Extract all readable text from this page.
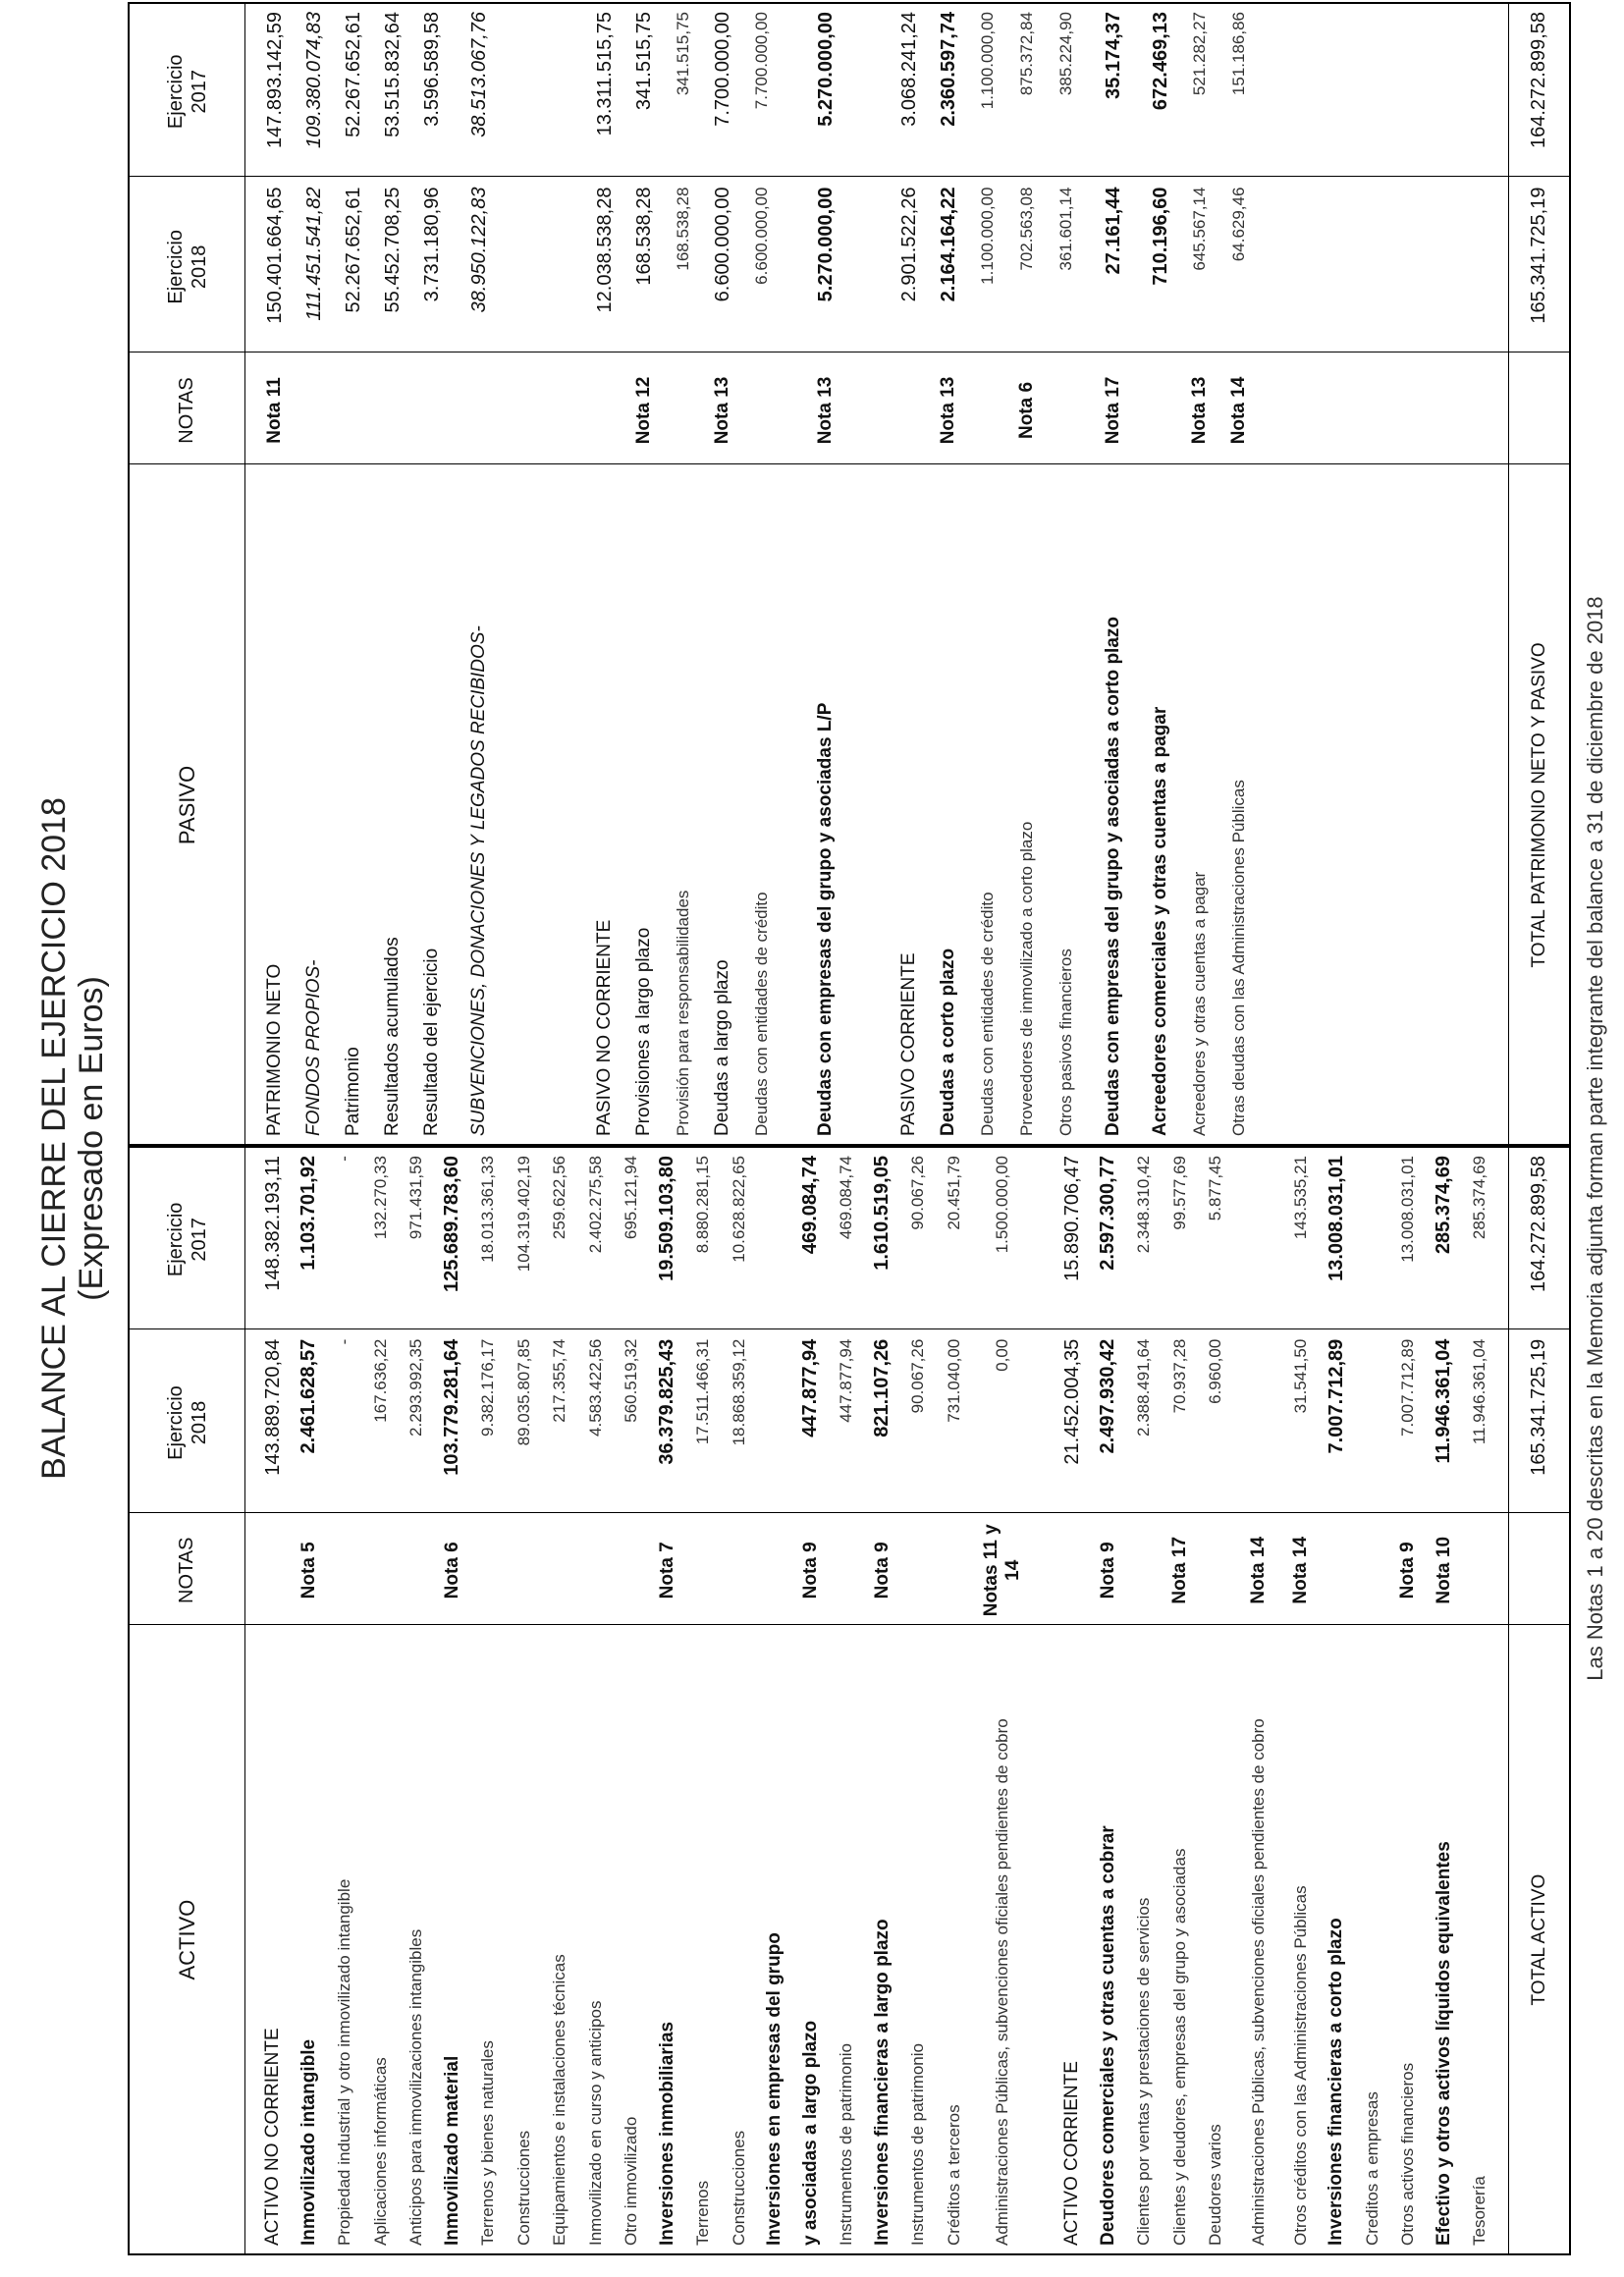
BALANCE AL CIERRE DEL EJERCICIO 2018 (Expresado en Euros)
ACTIVO
NOTAS
Ejercicio 2018
Ejercicio 2017
ACTIVO NO CORRIENTE
143.889.720,84
148.382.193,11
Inmovilizado intangible
Nota 5
2.461.628,57
1.103.701,92
Propiedad industrial y otro inmovilizado intangible
-
-
Aplicaciones informáticas
167.636,22
132.270,33
Anticipos para inmovilizaciones intangibles
2.293.992,35
971.431,59
Inmovilizado material
Nota 6
103.779.281,64
125.689.783,60
Terrenos y bienes naturales
9.382.176,17
18.013.361,33
Construcciones
89.035.807,85
104.319.402,19
Equipamientos e instalaciones técnicas
217.355,74
259.622,56
Inmovilizado en curso y anticipos
4.583.422,56
2.402.275,58
Otro inmovilizado
560.519,32
695.121,94
Inversiones inmobiliarias
Nota 7
36.379.825,43
19.509.103,80
Terrenos
17.511.466,31
8.880.281,15
Construcciones
18.868.359,12
10.628.822,65
Inversiones en empresas del grupo y asociadas a largo plazo
Nota 9
447.877,94
469.084,74
Instrumentos de patrimonio
447.877,94
469.084,74
Inversiones financieras a largo plazo
Nota 9
821.107,26
1.610.519,05
Instrumentos de patrimonio
90.067,26
90.067,26
Créditos a terceros
731.040,00
20.451,79
Administraciones Públicas, subvenciones oficiales pendientes de cobro
Notas 11 y 14
0,00
1.500.000,00
ACTIVO CORRIENTE
21.452.004,35
15.890.706,47
Deudores comerciales y otras cuentas a cobrar
Nota 9
2.497.930,42
2.597.300,77
Clientes por ventas y prestaciones de servicios
2.388.491,64
2.348.310,42
Clientes y deudores, empresas del grupo y asociadas
Nota 17
70.937,28
99.577,69
Deudores varios
6.960,00
5.877,45
Administraciones Públicas, subvenciones oficiales pendientes de cobro
Nota 14
Otros créditos con las Administraciones Públicas
Nota 14
31.541,50
143.535,21
Inversiones financieras a corto plazo
7.007.712,89
13.008.031,01
Creditos a empresas Otros activos financieros
Nota 9
7.007.712,89
13.008.031,01
Efectivo y otros activos líquidos equivalentes
Nota 10
11.946.361,04
285.374,69
Tesorería
11.946.361,04
285.374,69
TOTAL ACTIVO
165.341.725,19
164.272.899,58
PASIVO
NOTAS
Ejercicio 2018
Ejercicio 2017
PATRIMONIO NETO
Nota 11
150.401.664,65
147.893.142,59
FONDOS PROPIOS-
111.451.541,82
109.380.074,83
Patrimonio
52.267.652,61
52.267.652,61
Resultados acumulados
55.452.708,25
53.515.832,64
Resultado del ejercicio
3.731.180,96
3.596.589,58
SUBVENCIONES, DONACIONES Y LEGADOS RECIBIDOS-
38.950.122,83
38.513.067,76
PASIVO NO CORRIENTE
12.038.538,28
13.311.515,75
Provisiones a largo plazo
Nota 12
168.538,28
341.515,75
Provisión para responsabilidades
168.538,28
341.515,75
Deudas a largo plazo
Nota 13
6.600.000,00
7.700.000,00
Deudas con entidades de crédito
6.600.000,00
7.700.000,00
Deudas con empresas del grupo y asociadas L/P
Nota 13
5.270.000,00
5.270.000,00
PASIVO CORRIENTE
2.901.522,26
3.068.241,24
Deudas a corto plazo
Nota 13
2.164.164,22
2.360.597,74
Deudas con entidades de crédito
1.100.000,00
1.100.000,00
Proveedores de inmovilizado a corto plazo
Nota 6
702.563,08
875.372,84
Otros pasivos financieros
361.601,14
385.224,90
Deudas con empresas del grupo y asociadas a corto plazo
Nota 17
27.161,44
35.174,37
Acreedores comerciales y otras cuentas a pagar
710.196,60
672.469,13
Acreedores y otras cuentas a pagar
Nota 13
645.567,14
521.282,27
Otras deudas con las Administraciones Públicas
Nota 14
64.629,46
151.186,86
TOTAL PATRIMONIO NETO Y PASIVO
165.341.725,19
164.272.899,58
Las Notas 1 a 20 descritas en la Memoria adjunta forman parte integrante del balance a 31 de diciembre de 2018
